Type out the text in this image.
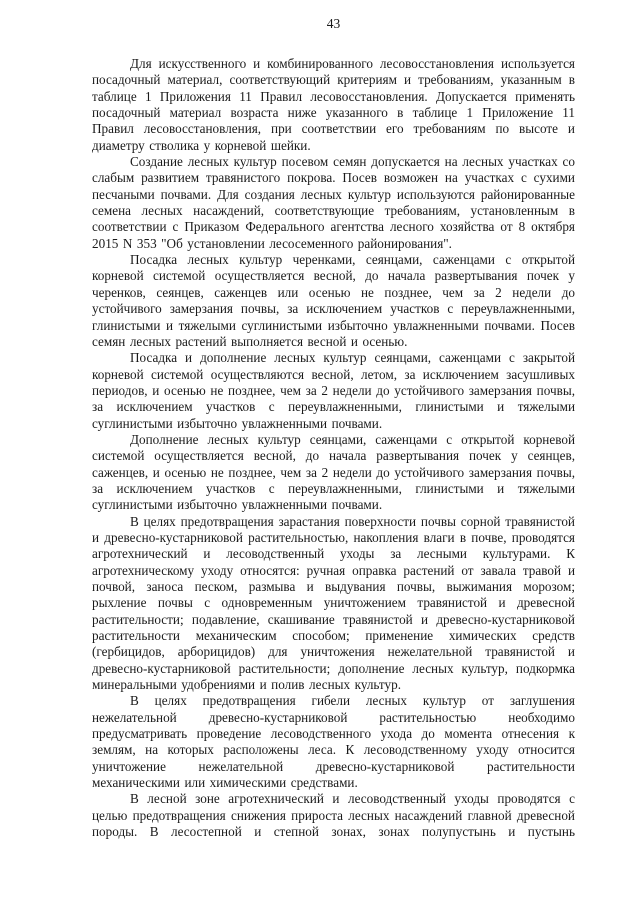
43

Для искусственного и комбинированного лесовосстановления используется посадочный материал, соответствующий критериям и требованиям, указанным в таблице 1 Приложения 11 Правил лесовосстановления. Допускается применять посадочный материал возраста ниже указанного в таблице 1 Приложение 11 Правил лесовосстановления, при соответствии его требованиям по высоте и диаметру стволика у корневой шейки.

Создание лесных культур посевом семян допускается на лесных участках со слабым развитием травянистого покрова. Посев возможен на участках с сухими песчаными почвами. Для создания лесных культур используются районированные семена лесных насаждений, соответствующие требованиям, установленным в соответствии с Приказом Федерального агентства лесного хозяйства от 8 октября 2015 N 353 "Об установлении лесосеменного районирования".

Посадка лесных культур черенками, сеянцами, саженцами с открытой корневой системой осуществляется весной, до начала развертывания почек у черенков, сеянцев, саженцев или осенью не позднее, чем за 2 недели до устойчивого замерзания почвы, за исключением участков с переувлажненными, глинистыми и тяжелыми суглинистыми избыточно увлажненными почвами. Посев семян лесных растений выполняется весной и осенью.

Посадка и дополнение лесных культур сеянцами, саженцами с закрытой корневой системой осуществляются весной, летом, за исключением засушливых периодов, и осенью не позднее, чем за 2 недели до устойчивого замерзания почвы, за исключением участков с переувлажненными, глинистыми и тяжелыми суглинистыми избыточно увлажненными почвами.

Дополнение лесных культур сеянцами, саженцами с открытой корневой системой осуществляется весной, до начала развертывания почек у сеянцев, саженцев, и осенью не позднее, чем за 2 недели до устойчивого замерзания почвы, за исключением участков с переувлажненными, глинистыми и тяжелыми суглинистыми избыточно увлажненными почвами.

В целях предотвращения зарастания поверхности почвы сорной травянистой и древесно-кустарниковой растительностью, накопления влаги в почве, проводятся агротехнический и лесоводственный уходы за лесными культурами. К агротехническому уходу относятся: ручная оправка растений от завала травой и почвой, заноса песком, размыва и выдувания почвы, выжимания морозом; рыхление почвы с одновременным уничтожением травянистой и древесной растительности; подавление, скашивание травянистой и древесно-кустарниковой растительности механическим способом; применение химических средств (гербицидов, арборицидов) для уничтожения нежелательной травянистой и древесно-кустарниковой растительности; дополнение лесных культур, подкормка минеральными удобрениями и полив лесных культур.

В целях предотвращения гибели лесных культур от заглушения нежелательной древесно-кустарниковой растительностью необходимо предусматривать проведение лесоводственного ухода до момента отнесения к землям, на которых расположены леса. К лесоводственному уходу относится уничтожение нежелательной древесно-кустарниковой растительности механическими или химическими средствами.

В лесной зоне агротехнический и лесоводственный уходы проводятся с целью предотвращения снижения прироста лесных насаждений главной древесной породы. В лесостепной и степной зонах, зонах полупустынь и пустынь
